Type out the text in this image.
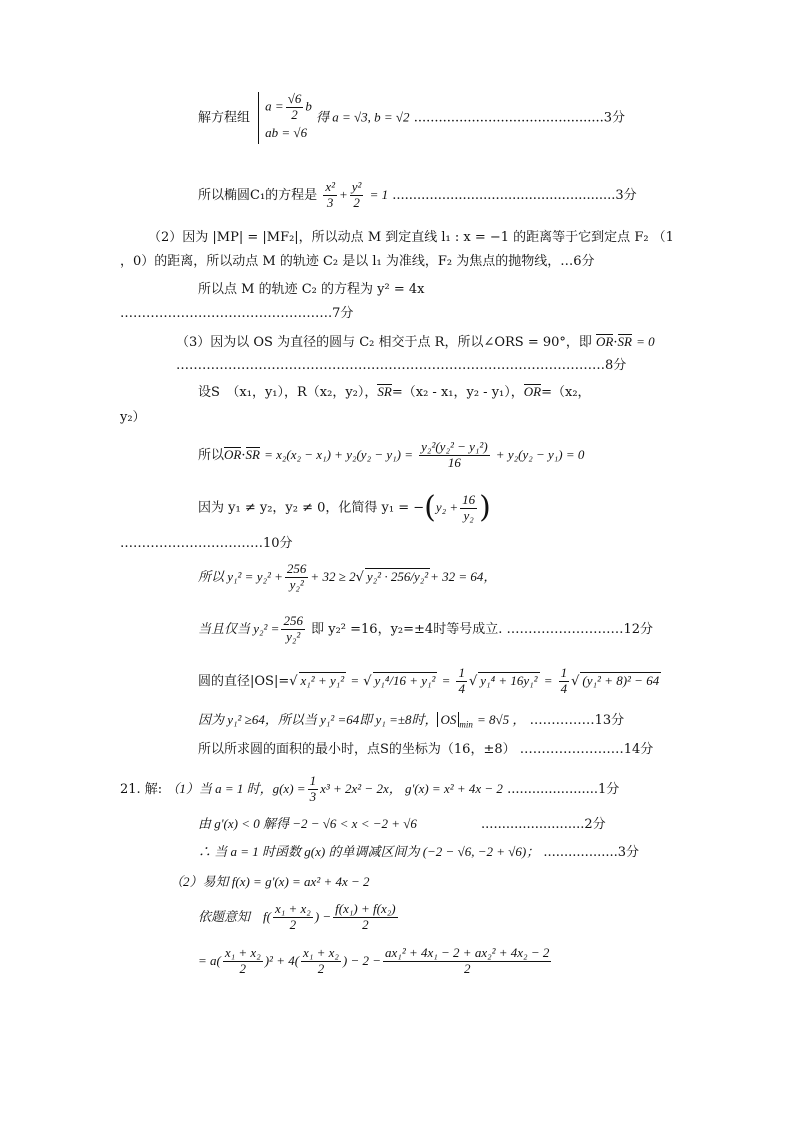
解方程组
$a = \frac{√6}{2}$ b
ab = √6
得 a = √3, b = √2 ..............................................3分
所以椭圆C₁的方程是 $\frac{\text{x²}}{3} + \frac{\text{y²}}{2} = 1$ ......................................................3分
（2）因为 |MP| = |MF₂|，所以动点 M 到定直线 l₁ : x = −1 的距离等于它到定点 F₂ （1
，0）的距离，所以动点 M 的轨迹 C₂ 是以 l₁ 为准线，F₂ 为焦点的抛物线，…6分
所以点 M 的轨迹 C₂ 的方程为 y² = 4x
………………………………………….7分
（3）因为以 OS 为直径的圆与 C₂ 相交于点 R，所以∠ORS = 90°，即 OR·SR = 0
………………………………………………………………………………………8分
设S　（x₁，y₁），R（x₂，y₂），SR=（x₂ - x₁，y₂ - y₁），OR=（x₂，
y₂）
所以$OR\cdot SR = x_2(x_2 - x_1) + y_2(y_2 - y_1) = \frac{\text{y₂²(y₂² − y₁²)}}{16} + y_2(y_2 - y_1) = 0$
因为 y₁ ≠ y₂，y₂ ≠ 0，化简得 $y_1 = -(y_2 + \frac{16}{\text{y₂}}$ )
……………………………10分
所以 $y_1^2 = y_2^2 + \frac{256}{\text{y₂²}} + 32 \ge 2√$ y₂² · 256/y₂² + 32 = 64，
当且仅当 $y_2^2 = \frac{256}{\text{y₂²}}$ 即 y₂² =16，y₂=±4时等号成立. ………………………12分
圆的直径|OS|=√ x₁² + y₁² = √ $y_1^4/16 + y_1^2 = \frac{1}{4}$ √ $y_1^4 + 16y_1^2 = \frac{1}{4}$ √ (y₁² + 8)² − 64
因为 y₁² ≥64，所以当 y₁² =64即 y₁ =±8时， OS $_{min}$ = 8√5 ， ……………13分
所以所求圆的面积的最小时，点S的坐标为（16，±8） ……………………14分
21. 解: （1）当 a = 1 时，$g(x) = \frac{1}{3} x^3 + 2x^2 - 2x$， g'(x) = x² + 4x − 2 ......................1分
由 g'(x) < 0 解得 −2 − √6 < x < −2 + √6	.........................2分
∴ 当 a = 1 时函数 g(x) 的单调减区间为 (−2 − √6, −2 + √6)； ..................3分
（2）易知 f(x) = g'(x) = ax² + 4x − 2
依题意知　$f( \frac{\text{x₁ + x₂}}{2}$ ) − $\frac{\text{f(x₁) + f(x₂)}}{2}$
= $a( \frac{\text{x₁ + x₂}}{2} )^2 + 4( \frac{\text{x₁ + x₂}}{2}$ ) − $2 - \frac{\text{ax₁² + 4x₁ − 2 + ax₂² + 4x₂ − 2}}{2}$
